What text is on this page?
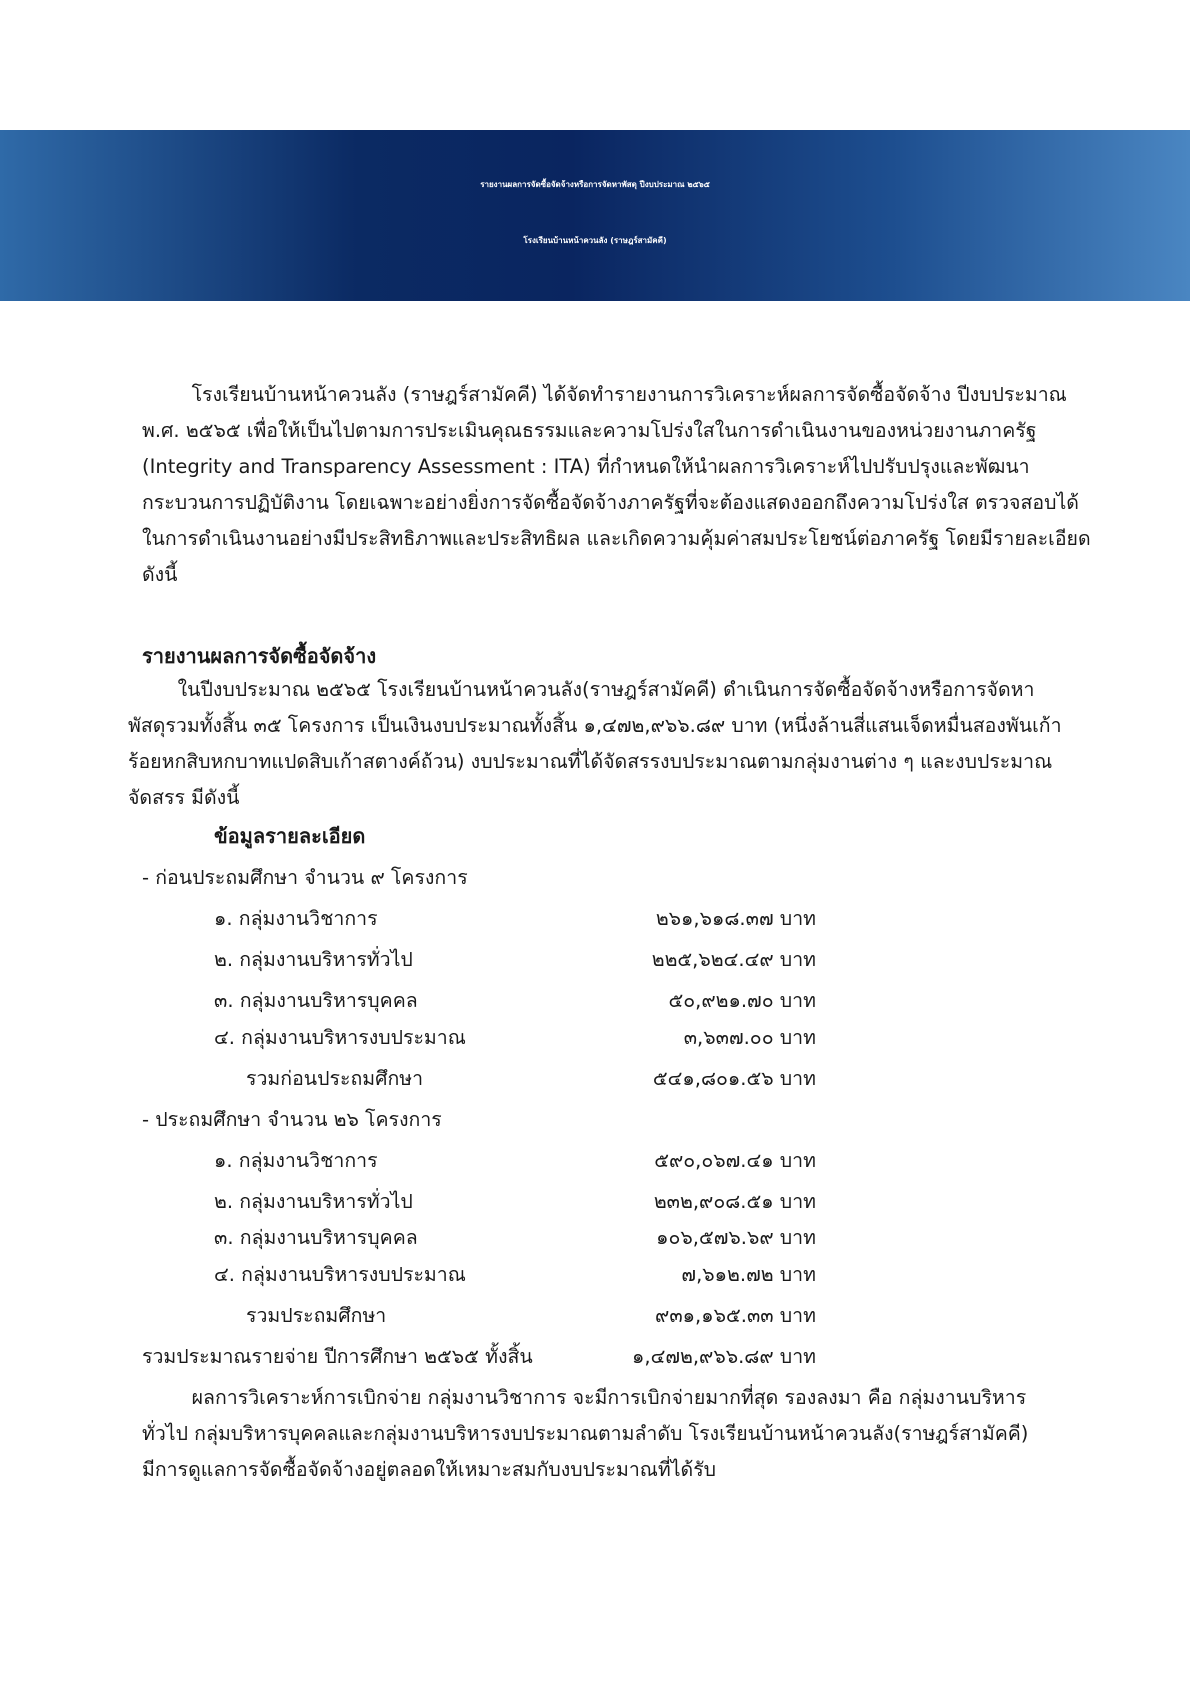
รายงานผลการจัดซื้อจัดจ้างหรือการจัดหาพัสดุ ปีงบประมาณ ๒๕๖๕
โรงเรียนบ้านหน้าควนลัง (ราษฎร์สามัคคี)
โรงเรียนบ้านหน้าควนลัง (ราษฎร์สามัคคี) ได้จัดทำรายงานการวิเคราะห์ผลการจัดซื้อจัดจ้าง ปีงบประมาณ
พ.ศ. ๒๕๖๕ เพื่อให้เป็นไปตามการประเมินคุณธรรมและความโปร่งใสในการดำเนินงานของหน่วยงานภาครัฐ
(Integrity and Transparency Assessment : ITA) ที่กำหนดให้นำผลการวิเคราะห์ไปปรับปรุงและพัฒนา
กระบวนการปฏิบัติงาน โดยเฉพาะอย่างยิ่งการจัดซื้อจัดจ้างภาครัฐที่จะต้องแสดงออกถึงความโปร่งใส ตรวจสอบได้
ในการดำเนินงานอย่างมีประสิทธิภาพและประสิทธิผล และเกิดความคุ้มค่าสมประโยชน์ต่อภาครัฐ โดยมีรายละเอียด
ดังนี้
รายงานผลการจัดซื้อจัดจ้าง
ในปีงบประมาณ ๒๕๖๕ โรงเรียนบ้านหน้าควนลัง(ราษฎร์สามัคคี) ดำเนินการจัดซื้อจัดจ้างหรือการจัดหา
พัสดุรวมทั้งสิ้น ๓๕ โครงการ เป็นเงินงบประมาณทั้งสิ้น ๑,๔๗๒,๙๖๖.๘๙ บาท (หนึ่งล้านสี่แสนเจ็ดหมื่นสองพันเก้า
ร้อยหกสิบหกบาทแปดสิบเก้าสตางค์ถ้วน) งบประมาณที่ได้จัดสรรงบประมาณตามกลุ่มงานต่าง ๆ และงบประมาณ
จัดสรร มีดังนี้
ข้อมูลรายละเอียด
- ก่อนประถมศึกษา จำนวน ๙ โครงการ
๑. กลุ่มงานวิชาการ	๒๖๑,๖๑๘.๓๗ บาท
๒. กลุ่มงานบริหารทั่วไป	๒๒๕,๖๒๔.๔๙ บาท
๓. กลุ่มงานบริหารบุคคล	๕๐,๙๒๑.๗๐ บาท
๔. กลุ่มงานบริหารงบประมาณ	๓,๖๓๗.๐๐ บาท
รวมก่อนประถมศึกษา	๕๔๑,๘๐๑.๕๖ บาท
- ประถมศึกษา จำนวน ๒๖ โครงการ
๑. กลุ่มงานวิชาการ	๕๙๐,๐๖๗.๔๑ บาท
๒. กลุ่มงานบริหารทั่วไป	๒๓๒,๙๐๘.๕๑ บาท
๓. กลุ่มงานบริหารบุคคล	๑๐๖,๕๗๖.๖๙ บาท
๔. กลุ่มงานบริหารงบประมาณ	๗,๖๑๒.๗๒ บาท
รวมประถมศึกษา	๙๓๑,๑๖๕.๓๓ บาท
รวมประมาณรายจ่าย ปีการศึกษา ๒๕๖๕ ทั้งสิ้น	๑,๔๗๒,๙๖๖.๘๙ บาท
ผลการวิเคราะห์การเบิกจ่าย กลุ่มงานวิชาการ จะมีการเบิกจ่ายมากที่สุด รองลงมา คือ กลุ่มงานบริหาร
ทั่วไป กลุ่มบริหารบุคคลและกลุ่มงานบริหารงบประมาณตามลำดับ โรงเรียนบ้านหน้าควนลัง(ราษฎร์สามัคคี)
มีการดูแลการจัดซื้อจัดจ้างอยู่ตลอดให้เหมาะสมกับงบประมาณที่ได้รับ
